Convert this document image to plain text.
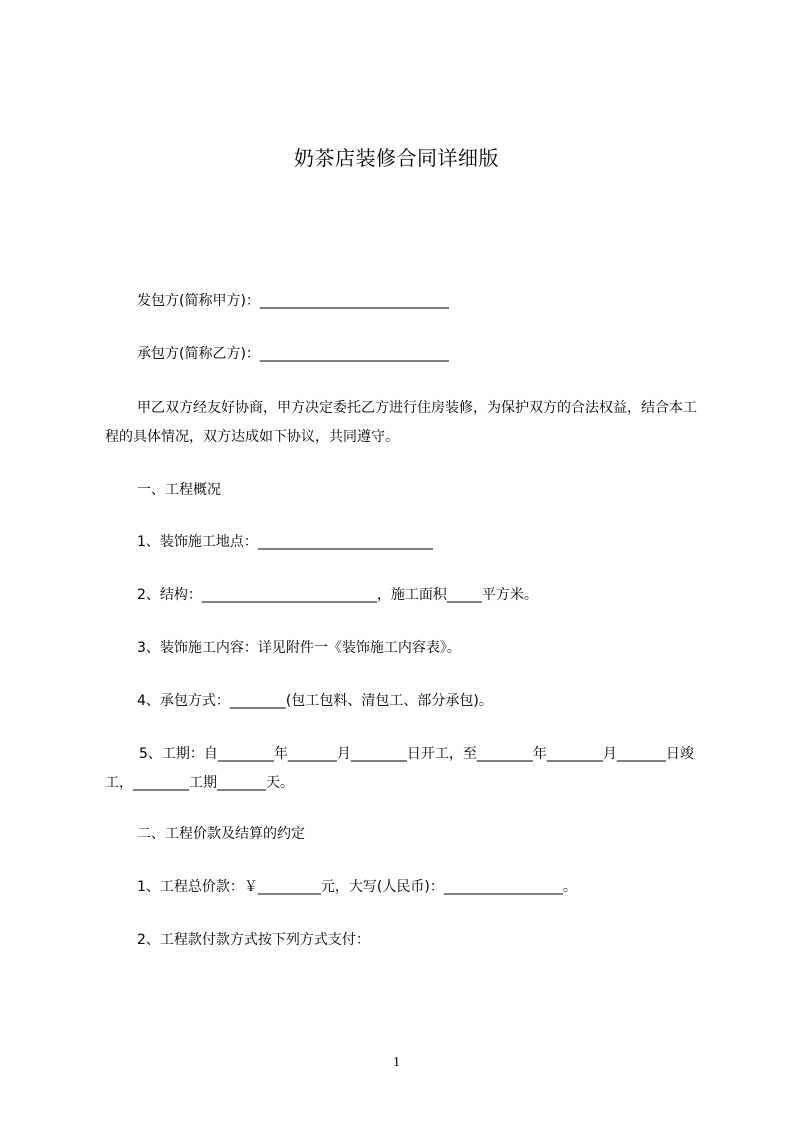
奶茶店装修合同详细版

发包方(简称甲方)：___________________________

承包方(简称乙方)：___________________________

甲乙双方经友好协商，甲方决定委托乙方进行住房装修，为保护双方的合法权益，结合本工程的具体情况，双方达成如下协议，共同遵守。

一、工程概况

1、装饰施工地点：_________________________

2、结构：_________________________，施工面积_____平方米。

3、装饰施工内容：详见附件一《装饰施工内容表》。

4、承包方式：________(包工包料、清包工、部分承包)。

5、工期：自________年_______月________日开工，至________年________月_______日竣工，________工期_______天。

二、工程价款及结算的约定

1、工程总价款：￥_________元，大写(人民币)：_________________。

2、工程款付款方式按下列方式支付：

1
